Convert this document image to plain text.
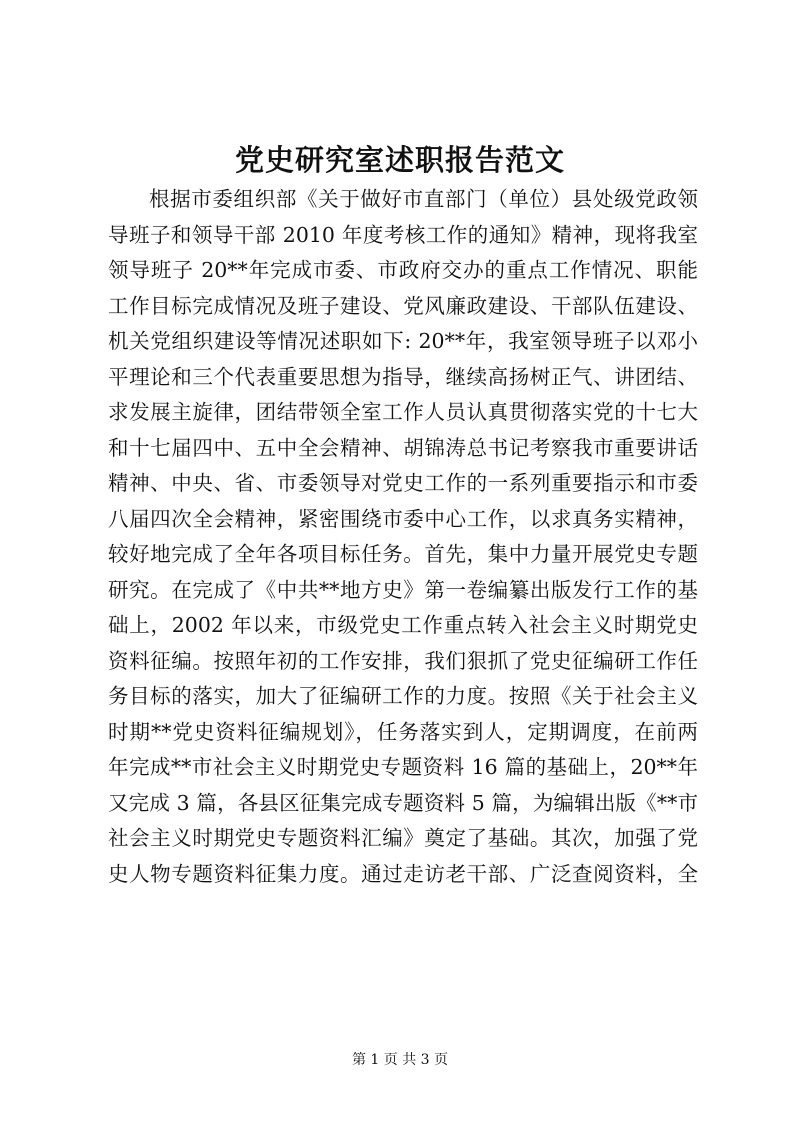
党史研究室述职报告范文
根据市委组织部《关于做好市直部门（单位）县处级党政领
导班子和领导干部 2010 年度考核工作的通知》精神，现将我室
领导班子 20**年完成市委、市政府交办的重点工作情况、职能
工作目标完成情况及班子建设、党风廉政建设、干部队伍建设、
机关党组织建设等情况述职如下: 20**年，我室领导班子以邓小
平理论和三个代表重要思想为指导，继续高扬树正气、讲团结、
求发展主旋律，团结带领全室工作人员认真贯彻落实党的十七大
和十七届四中、五中全会精神、胡锦涛总书记考察我市重要讲话
精神、中央、省、市委领导对党史工作的一系列重要指示和市委
八届四次全会精神，紧密围绕市委中心工作，以求真务实精神，
较好地完成了全年各项目标任务。首先，集中力量开展党史专题
研究。在完成了《中共**地方史》第一卷编纂出版发行工作的基
础上，2002 年以来，市级党史工作重点转入社会主义时期党史
资料征编。按照年初的工作安排，我们狠抓了党史征编研工作任
务目标的落实，加大了征编研工作的力度。按照《关于社会主义
时期**党史资料征编规划》，任务落实到人，定期调度，在前两
年完成**市社会主义时期党史专题资料 16 篇的基础上，20**年
又完成 3 篇，各县区征集完成专题资料 5 篇，为编辑出版《**市
社会主义时期党史专题资料汇编》奠定了基础。其次，加强了党
史人物专题资料征集力度。通过走访老干部、广泛查阅资料，全
第 1 页 共 3 页
